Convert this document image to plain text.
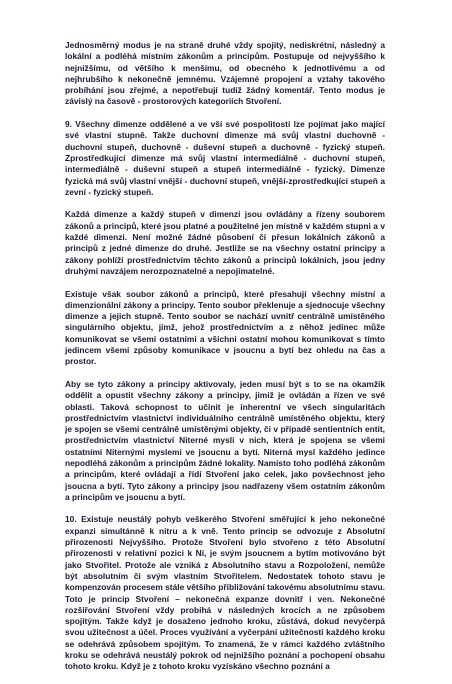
Jednosměrný modus je na straně druhé vždy spojitý, nediskrétní, následný a lokální a podléhá místním zákonům a principům. Postupuje od nejvyššího k nejnižšímu, od většího k menšímu, od obecného k jednotlivému a od nejhrubšího k nekonečně jemnému. Vzájemné propojení a vztahy takového probíhání jsou zřejmé, a nepotřebují tudíž žádný komentář. Tento modus je závislý na časově - prostorových kategoriích Stvoření.

9. Všechny dimenze oddělené a ve vší své pospolitosti lze pojímat jako mající své vlastní stupně. Takže duchovní dimenze má svůj vlastní duchovně - duchovní stupeň, duchovně - duševní stupeň a duchovně - fyzický stupeň. Zprostředkující dimenze má svůj vlastní intermediálně - duchovní stupeň, intermediálně - duševní stupeň a stupeň intermediálně - fyzický. Dimenze fyzická má svůj vlastní vnější - duchovní stupeň, vnější-zprostředkující stupeň a zevní - fyzický stupeň.

Každá dimenze a každý stupeň v dimenzi jsou ovládány a řízeny souborem zákonů a principů, které jsou platné a použitelné jen místně v každém stupni a v každé dimenzi. Není možné žádné působení či přesun lokálních zákonů a principů z jedné dimenze do druhé. Jestliže se na všechny ostatní principy a zákony pohlíží prostřednictvím těchto zákonů a principů lokálních, jsou jedny druhými navzájem nerozpoznatelné a nepojímatelné.

Existuje však soubor zákonů a principů, které přesahují všechny místní a dimenzionální zákony a principy. Tento soubor překlenuje a sjednocuje všechny dimenze a jejich stupně. Tento soubor se nachází uvnitř centrálně umístěného singulárního objektu, jímž, jehož prostřednictvím a z něhož jedinec může komunikovat se všemi ostatními a všichni ostatní mohou komunikovat s tímto jedincem všemi způsoby komunikace v jsoucnu a bytí bez ohledu na čas a prostor.

Aby se tyto zákony a principy aktivovaly, jeden musí být s to se na okamžik oddělit a opustit všechny zákony a principy, jimiž je ovládán a řízen ve své oblasti. Taková schopnost to učinit je inherentní ve všech singularitách prostřednictvím vlastnictví individuálního centrálně umístěného objektu, který je spojen se všemi centrálně umístěnými objekty, či v případě sentientních entit, prostřednictvím vlastnictví Niterné mysli v nich, která je spojena se všemi ostatními Niternými myslemi ve jsoucnu a bytí. Niterná mysl každého jedince nepodléhá zákonům a principům žádné lokality. Namísto toho podléhá zákonům a principům, které ovládají a řídí Stvoření jako celek, jako povšechnost jeho jsoucna a bytí. Tyto zákony a principy jsou nadřazeny všem ostatním zákonům a principům ve jsoucnu a bytí.

10. Existuje neustálý pohyb veškerého Stvoření směřující k jeho nekonečné expanzi simultánně k nitru a k vně. Tento princip se odvozuje z Absolutní přirozenosti Nejvyššího. Protože Stvoření bylo stvořeno z této Absolutní přirozenosti v relativní pozici k Ní, je svým jsoucnem a bytím motivováno být jako Stvořitel. Protože ale vzniká z Absolutního stavu a Rozpoložení, nemůže být absolutním či svým vlastním Stvořitelem. Nedostatek tohoto stavu je kompenzován procesem stále většího přibližování takovému absolutnímu stavu. Toto je princip Stvoření – nekonečná expanze dovnitř i ven. Nekonečné rozšiřování Stvoření vždy probíhá v následných krocích a ne způsobem spojitým. Takže když je dosaženo jednoho kroku, zůstává, dokud nevyčerpá svou užitečnost a účel. Proces využívání a vyčerpání užitečnosti každého kroku se odehrává způsobem spojitým. To znamená, že v rámci každého zvláštního kroku se odehrává neustálý pokrok od nejnižšího poznání a pochopení obsahu tohoto kroku. Když je z tohoto kroku vyzískáno všechno poznání a
